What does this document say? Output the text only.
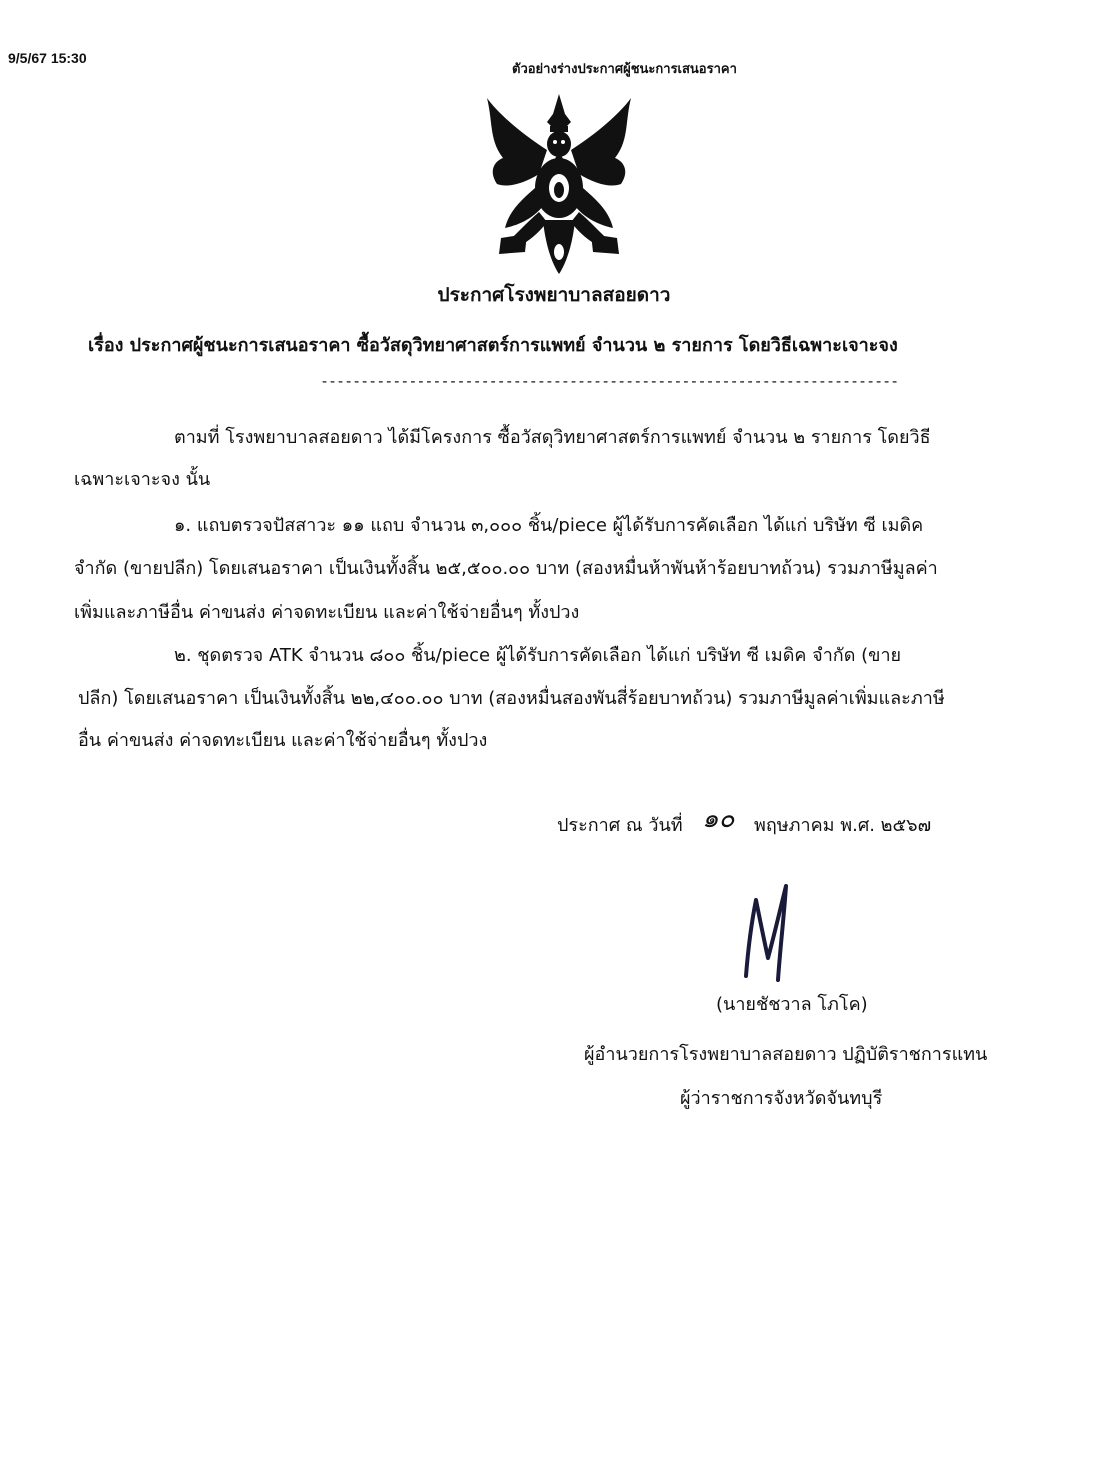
9/5/67 15:30
ตัวอย่างร่างประกาศผู้ชนะการเสนอราคา
ประกาศโรงพยาบาลสอยดาว
เรื่อง ประกาศผู้ชนะการเสนอราคา ซื้อวัสดุวิทยาศาสตร์การแพทย์ จำนวน ๒ รายการ โดยวิธีเฉพาะเจาะจง
------------------------------------------------------------------------
ตามที่ โรงพยาบาลสอยดาว ได้มีโครงการ ซื้อวัสดุวิทยาศาสตร์การแพทย์ จำนวน ๒ รายการ โดยวิธี
เฉพาะเจาะจง นั้น
๑. แถบตรวจปัสสาวะ ๑๑ แถบ จำนวน ๓,๐๐๐ ชิ้น/piece ผู้ได้รับการคัดเลือก ได้แก่ บริษัท ซี เมดิค
จำกัด (ขายปลีก) โดยเสนอราคา เป็นเงินทั้งสิ้น ๒๕,๕๐๐.๐๐ บาท (สองหมื่นห้าพันห้าร้อยบาทถ้วน) รวมภาษีมูลค่า
เพิ่มและภาษีอื่น ค่าขนส่ง ค่าจดทะเบียน และค่าใช้จ่ายอื่นๆ ทั้งปวง
๒. ชุดตรวจ ATK จำนวน ๘๐๐ ชิ้น/piece ผู้ได้รับการคัดเลือก ได้แก่ บริษัท ซี เมดิค จำกัด (ขาย
ปลีก) โดยเสนอราคา เป็นเงินทั้งสิ้น ๒๒,๔๐๐.๐๐ บาท (สองหมื่นสองพันสี่ร้อยบาทถ้วน) รวมภาษีมูลค่าเพิ่มและภาษี
อื่น ค่าขนส่ง ค่าจดทะเบียน และค่าใช้จ่ายอื่นๆ ทั้งปวง
ประกาศ ณ วันที่ ๑๐ พฤษภาคม พ.ศ. ๒๕๖๗
(นายชัชวาล โภโค)
ผู้อำนวยการโรงพยาบาลสอยดาว ปฏิบัติราชการแทน
ผู้ว่าราชการจังหวัดจันทบุรี
